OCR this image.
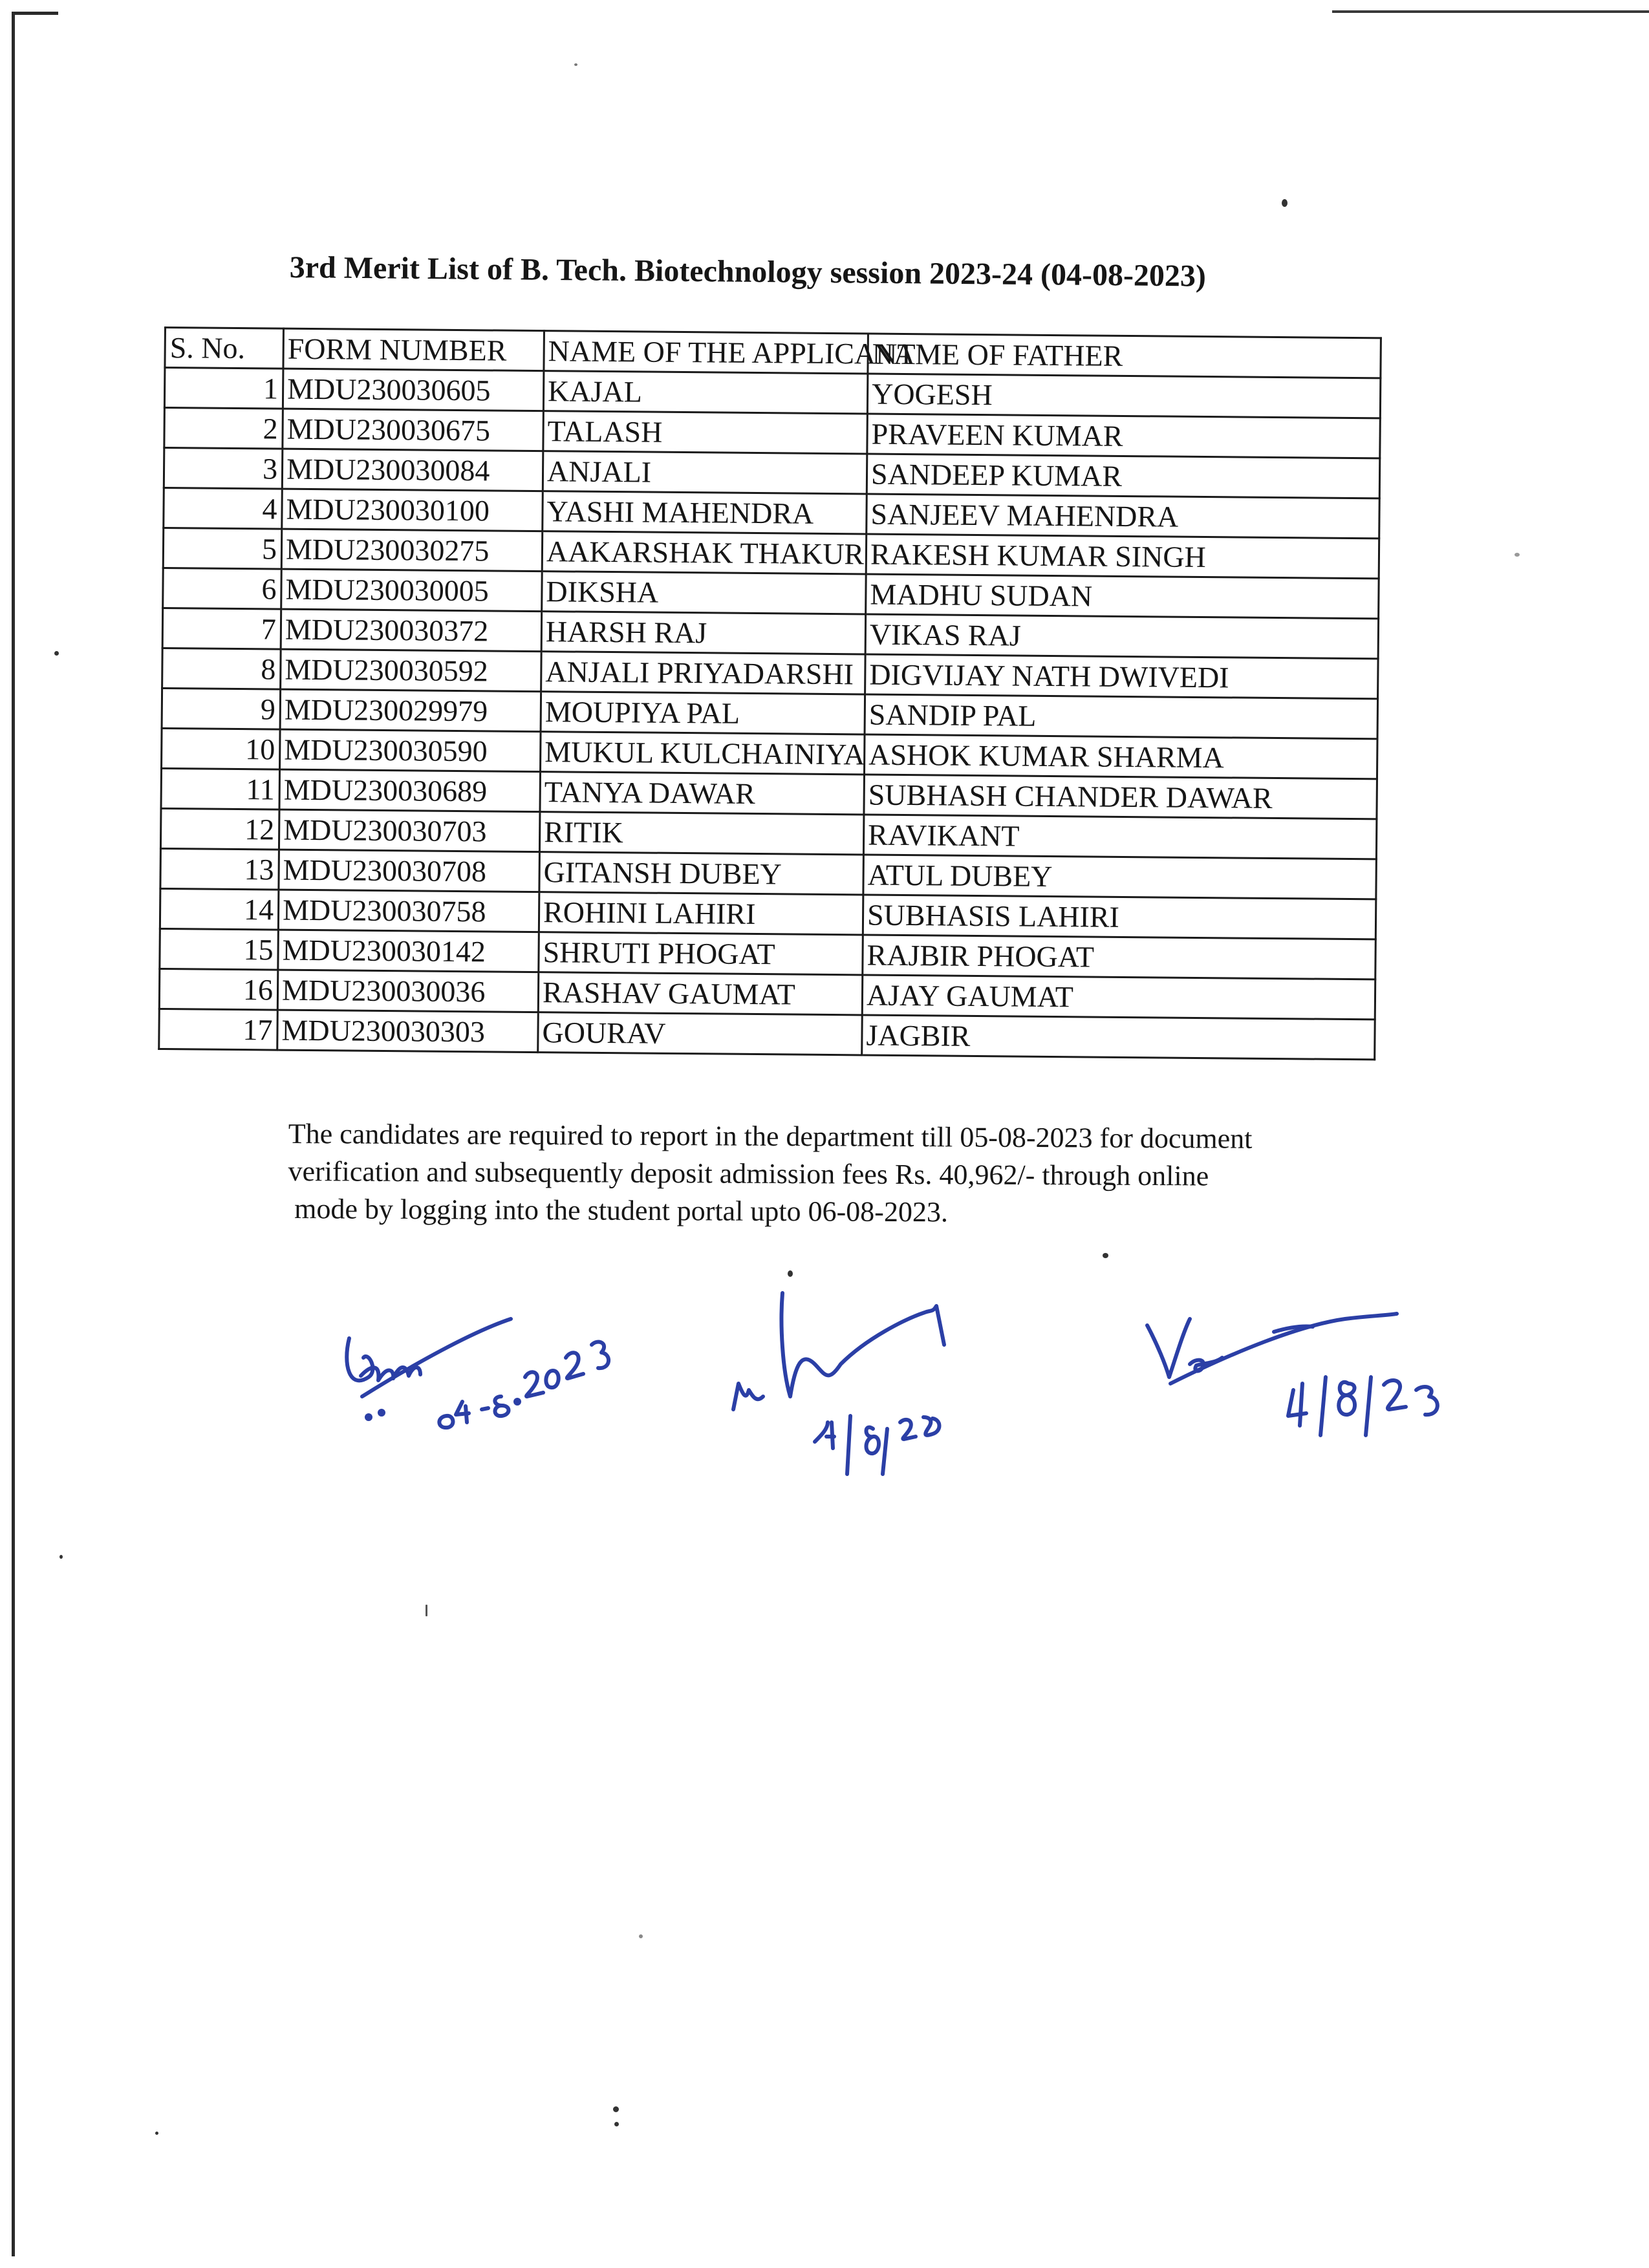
3rd Merit List of B. Tech. Biotechnology session 2023-24 (04-08-2023)
S. No.	FORM NUMBER	NAME OF THE APPLICANT	NAME OF FATHER
1	MDU230030605	KAJAL	YOGESH
2	MDU230030675	TALASH	PRAVEEN KUMAR
3	MDU230030084	ANJALI	SANDEEP KUMAR
4	MDU230030100	YASHI MAHENDRA	SANJEEV MAHENDRA
5	MDU230030275	AAKARSHAK THAKUR	RAKESH KUMAR SINGH
6	MDU230030005	DIKSHA	MADHU SUDAN
7	MDU230030372	HARSH RAJ	VIKAS RAJ
8	MDU230030592	ANJALI PRIYADARSHI	DIGVIJAY NATH DWIVEDI
9	MDU230029979	MOUPIYA PAL	SANDIP PAL
10	MDU230030590	MUKUL KULCHAINIYA	ASHOK KUMAR SHARMA
11	MDU230030689	TANYA DAWAR	SUBHASH CHANDER DAWAR
12	MDU230030703	RITIK	RAVIKANT
13	MDU230030708	GITANSH DUBEY	ATUL DUBEY
14	MDU230030758	ROHINI LAHIRI	SUBHASIS LAHIRI
15	MDU230030142	SHRUTI PHOGAT	RAJBIR PHOGAT
16	MDU230030036	RASHAV GAUMAT	AJAY GAUMAT
17	MDU230030303	GOURAV	JAGBIR

The candidates are required to report in the department till 05-08-2023 for document

verification and subsequently deposit admission fees Rs. 40,962/- through online

mode by logging into the student portal upto 06-08-2023.
